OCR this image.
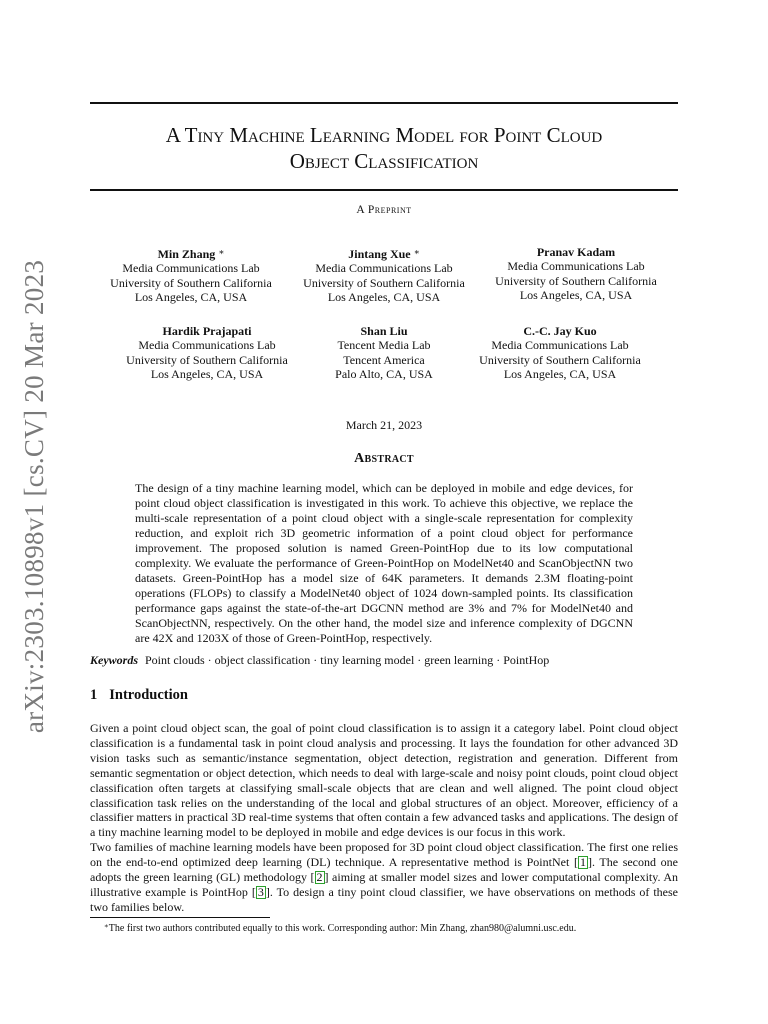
arXiv:2303.10898v1 [cs.CV] 20 Mar 2023
A Tiny Machine Learning Model for Point Cloud
Object Classification
A Preprint
Min Zhang ∗
Media Communications Lab
University of Southern California
Los Angeles, CA, USA
Jintang Xue ∗
Media Communications Lab
University of Southern California
Los Angeles, CA, USA
Pranav Kadam
Media Communications Lab
University of Southern California
Los Angeles, CA, USA
Hardik Prajapati
Media Communications Lab
University of Southern California
Los Angeles, CA, USA
Shan Liu
Tencent Media Lab
Tencent America
Palo Alto, CA, USA
C.-C. Jay Kuo
Media Communications Lab
University of Southern California
Los Angeles, CA, USA
March 21, 2023
Abstract

The design of a tiny machine learning model, which can be deployed in mobile and edge devices, for point cloud object classification is investigated in this work. To achieve this objective, we replace the multi-scale representation of a point cloud object with a single-scale representation for complexity reduction, and exploit rich 3D geometric information of a point cloud object for performance improvement. The proposed solution is named Green-PointHop due to its low computational complexity. We evaluate the performance of Green-PointHop on ModelNet40 and ScanObjectNN two datasets. Green-PointHop has a model size of 64K parameters. It demands 2.3M floating-point operations (FLOPs) to classify a ModelNet40 object of 1024 down-sampled points. Its classification performance gaps against the state-of-the-art DGCNN method are 3% and 7% for ModelNet40 and ScanObjectNN, respectively. On the other hand, the model size and inference complexity of DGCNN are 42X and 1203X of those of Green-PointHop, respectively.

Keywords Point clouds · object classification · tiny learning model · green learning · PointHop
1 Introduction

Given a point cloud object scan, the goal of point cloud classification is to assign it a category label. Point cloud object classification is a fundamental task in point cloud analysis and processing. It lays the foundation for other advanced 3D vision tasks such as semantic/instance segmentation, object detection, registration and generation. Different from semantic segmentation or object detection, which needs to deal with large-scale and noisy point clouds, point cloud object classification often targets at classifying small-scale objects that are clean and well aligned. The point cloud object classification task relies on the understanding of the local and global structures of an object. Moreover, efficiency of a classifier matters in practical 3D real-time systems that often contain a few advanced tasks and applications. The design of a tiny machine learning model to be deployed in mobile and edge devices is our focus in this work.

Two families of machine learning models have been proposed for 3D point cloud object classification. The first one relies on the end-to-end optimized deep learning (DL) technique. A representative method is PointNet [ 1 ]. The second one adopts the green learning (GL) methodology [ 2 ] aiming at smaller model sizes and lower computational complexity. An illustrative example is PointHop [ 3 ]. To design a tiny point cloud classifier, we have observations on methods of these two families below.

∗The first two authors contributed equally to this work. Corresponding author: Min Zhang, zhan980@alumni.usc.edu.
